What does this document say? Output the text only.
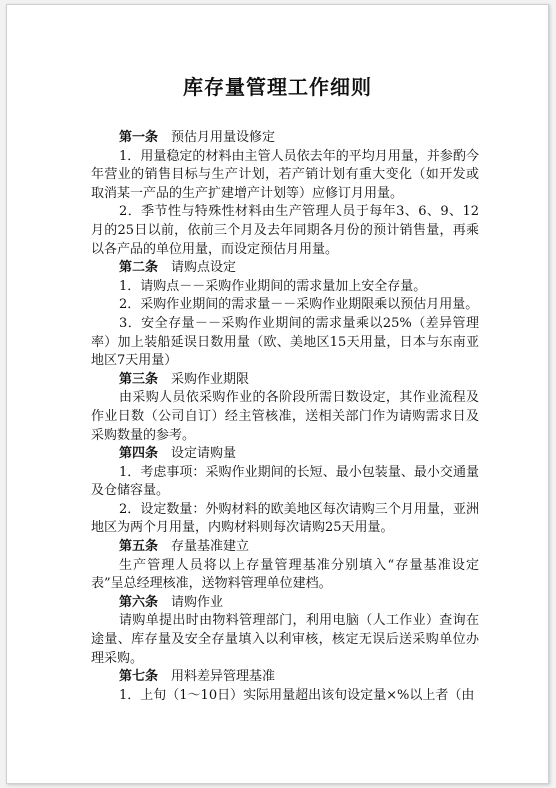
库存量管理工作细则

第一条　 预估月用量设修定

1．用量稳定的材料由主管人员依去年的平均月用量，并参酌今年营业的销售目标与生产计划，若产销计划有重大变化（如开发或取消某一产品的生产扩建增产计划等）应修订月用量。

2．季节性与特殊性材料由生产管理人员于每年3、6、9、12月的25日以前，依前三个月及去年同期各月份的预计销售量，再乘以各产品的单位用量，而设定预估月用量。

第二条　 请购点设定

1．请购点－－采购作业期间的需求量加上安全存量。

2．采购作业期间的需求量－－采购作业期限乘以预估月用量。

3．安全存量－－采购作业期间的需求量乘以25%（差异管理率）加上装船延误日数用量（欧、美地区15天用量，日本与东南亚地区7天用量）

第三条　 采购作业期限

由采购人员依采购作业的各阶段所需日数设定，其作业流程及作业日数（公司自订）经主管核准，送相关部门作为请购需求日及采购数量的参考。

第四条　 设定请购量

1．考虑事项：采购作业期间的长短、最小包装量、最小交通量及仓储容量。

2．设定数量：外购材料的欧美地区每次请购三个月用量，亚洲地区为两个月用量，内购材料则每次请购25天用量。

第五条　 存量基准建立

生产管理人员将以上存量管理基准分别填入“存量基准设定表”呈总经理核准，送物料管理单位建档。

第六条　 请购作业

请购单提出时由物料管理部门，利用电脑（人工作业）查询在途量、库存量及安全存量填入以利审核，核定无误后送采购单位办理采购。

第七条　 用料差异管理基准

1．上旬（1～10日）实际用量超出该旬设定量×%以上者（由
